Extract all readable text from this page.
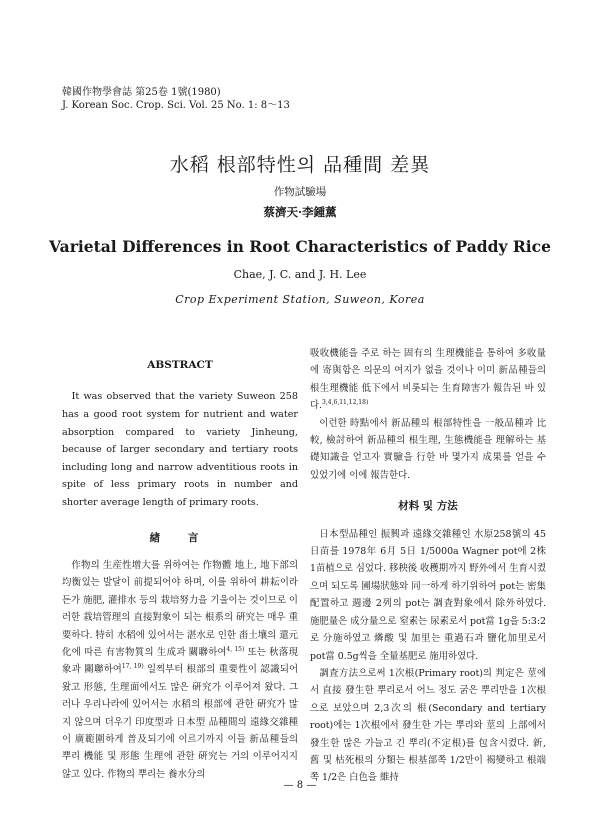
韓國作物學會誌 第25卷 1號(1980)
J. Korean Soc. Crop. Sci. Vol. 25 No. 1: 8～13
水稻 根部特性의 品種間 差異
作物試驗場
蔡濟天·李鍾薰
Varietal Differences in Root Characteristics of Paddy Rice
Chae, J. C. and J. H. Lee
Crop Experiment Station, Suweon, Korea
ABSTRACT

It was observed that the variety Suweon 258 has a good root system for nutrient and water absorption compared to variety Jinheung, because of larger secondary and tertiary roots including long and narrow adventitious roots in spite of less primary roots in number and shorter average length of primary roots.

緖 言

作物의 生産性增大를 위하여는 作物體 地上, 地下部의 均衡있는 발달이 前提되어야 하며, 이를 위하여 耕耘이라든가 施肥, 灌排水 등의 栽培努力을 기울이는 것이므로 이러한 栽培管理의 直接對象이 되는 根系의 硏究는 매우 重要하다. 特히 水稻에 있어서는 湛水로 인한 畓土壤의 還元化에 따른 有害物質의 生成과 關聯하여$^{4, 15)}$ 또는 秋落現象과 關聯하여$^{17, 19)}$ 일찍부터 根部의 重要性이 認識되어 왔고 形態, 生理面에서도 많은 硏究가 이루어져 왔다. 그러나 우리나라에 있어서는 水稻의 根部에 관한 硏究가 많지 않으며 더우기 印度型과 日本型 品種間의 遠緣交雜種이 廣範圍하게 普及되기에 이르기까지 이들 新品種들의 뿌리 機能 및 形態 生理에 관한 硏究는 거의 이루어지지 않고 있다. 作物의 뿌리는 養水分의

吸收機能을 주로 하는 固有의 生理機能을 통하여 多收量에 寄與함은 의문의 여지가 없을 것이나 이미 新品種들의 根生理機能 低下에서 비롯되는 生育障害가 報告된 바 있다.$^{3,4,6,11,12,18)}$

이런한 時點에서 新品種의 根部特性을 一般品種과 比較, 檢討하여 新品種의 根生理, 生態機能을 理解하는 基礎知識을 얻고자 實驗을 行한 바 몇가지 成果를 얻을 수 있었기에 이에 報告한다.

材料 및 方法

日本型品種인 振興과 遠緣交雜種인 水原258號의 45日苗를 1978年 6月 5日 1/5000a Wagner pot에 2株 1苗植으로 심었다. 移秧後 收穫期까지 野外에서 生育시켰으며 되도록 圃場狀態와 同一하게 하기위하여 pot는 密集配置하고 週邊 2列의 pot는 調査對象에서 除外하였다. 施肥量은 成分量으로 窒素는 尿素로서 pot當 1g을 5:3:2로 分施하였고 燐酸 및 加里는 重過石과 鹽化加里로서 pot當 0.5g씩을 全量基肥로 施用하였다.

調査方法으로써 1次根(Primary root)의 判定은 莖에서 直接 發生한 뿌리로서 어느 정도 굵은 뿌리만을 1次根으로 보았으며 2,3次의 根(Secondary and tertiary root)에는 1次根에서 發生한 가는 뿌리와 莖의 上部에서 發生한 많은 가늘고 긴 뿌리(不定根)를 包含시켰다. 新, 舊 및 枯死根의 分類는 根基部쪽 1/2만이 褐變하고 根端쪽 1/2은 白色을 維持

— 8 —
